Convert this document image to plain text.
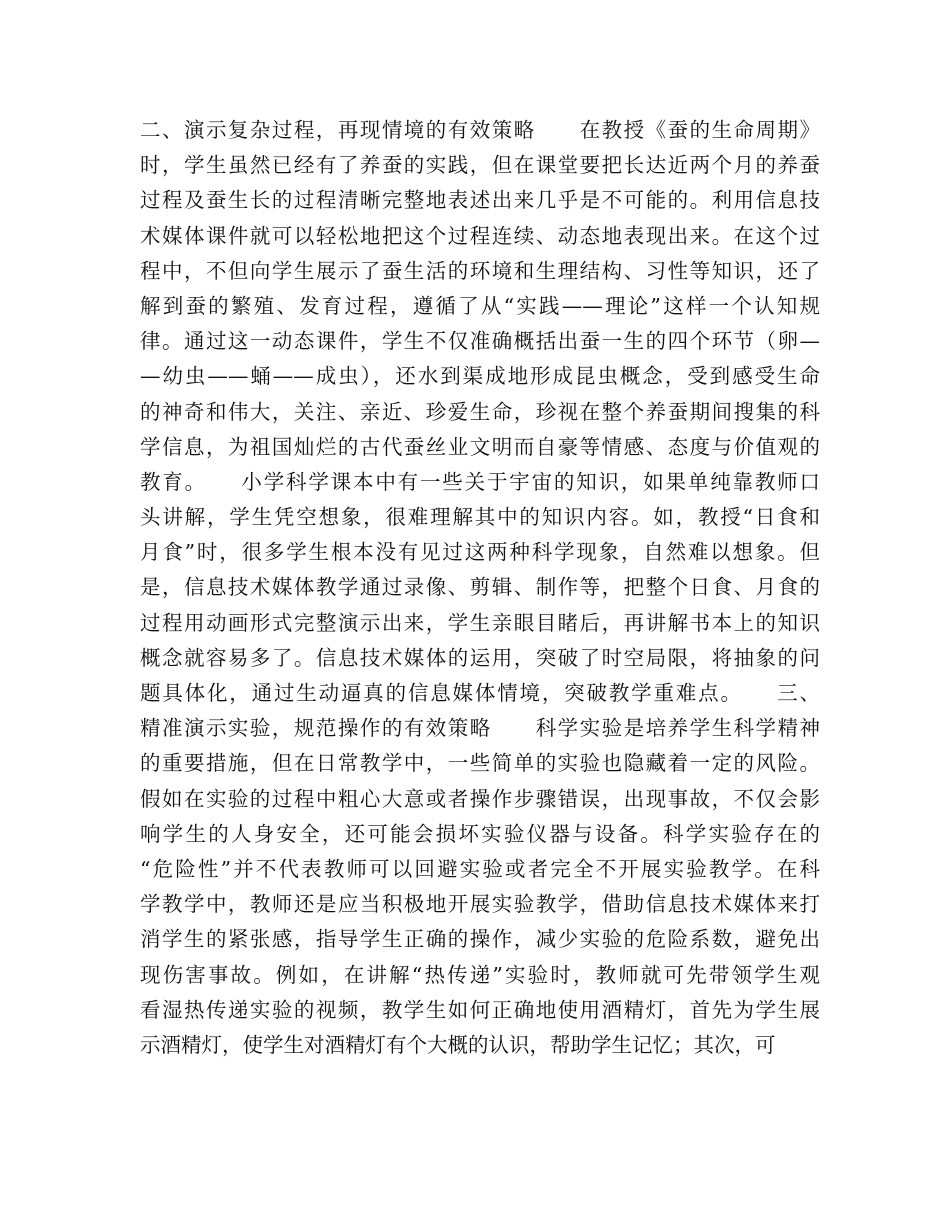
二、演示复杂过程，再现情境的有效策略　　在教授《蚕的生命周期》
时，学生虽然已经有了养蚕的实践，但在课堂要把长达近两个月的养蚕
过程及蚕生长的过程清晰完整地表述出来几乎是不可能的。利用信息技
术媒体课件就可以轻松地把这个过程连续、动态地表现出来。在这个过
程中，不但向学生展示了蚕生活的环境和生理结构、习性等知识，还了
解到蚕的繁殖、发育过程，遵循了从“实践——理论”这样一个认知规
律。通过这一动态课件，学生不仅准确概括出蚕一生的四个环节（卵—
—幼虫——蛹——成虫），还水到渠成地形成昆虫概念，受到感受生命
的神奇和伟大，关注、亲近、珍爱生命，珍视在整个养蚕期间搜集的科
学信息，为祖国灿烂的古代蚕丝业文明而自豪等情感、态度与价值观的
教育。　　小学科学课本中有一些关于宇宙的知识，如果单纯靠教师口
头讲解，学生凭空想象，很难理解其中的知识内容。如，教授“日食和
月食”时，很多学生根本没有见过这两种科学现象，自然难以想象。但
是，信息技术媒体教学通过录像、剪辑、制作等，把整个日食、月食的
过程用动画形式完整演示出来，学生亲眼目睹后，再讲解书本上的知识
概念就容易多了。信息技术媒体的运用，突破了时空局限，将抽象的问
题具体化，通过生动逼真的信息媒体情境，突破教学重难点。　　三、
精准演示实验，规范操作的有效策略　　科学实验是培养学生科学精神
的重要措施，但在日常教学中，一些简单的实验也隐藏着一定的风险。
假如在实验的过程中粗心大意或者操作步骤错误，出现事故，不仅会影
响学生的人身安全，还可能会损坏实验仪器与设备。科学实验存在的
“危险性”并不代表教师可以回避实验或者完全不开展实验教学。在科
学教学中，教师还是应当积极地开展实验教学，借助信息技术媒体来打
消学生的紧张感，指导学生正确的操作，减少实验的危险系数，避免出
现伤害事故。例如，在讲解“热传递”实验时，教师就可先带领学生观
看湿热传递实验的视频，教学生如何正确地使用酒精灯，首先为学生展
示酒精灯，使学生对酒精灯有个大概的认识，帮助学生记忆；其次，可
